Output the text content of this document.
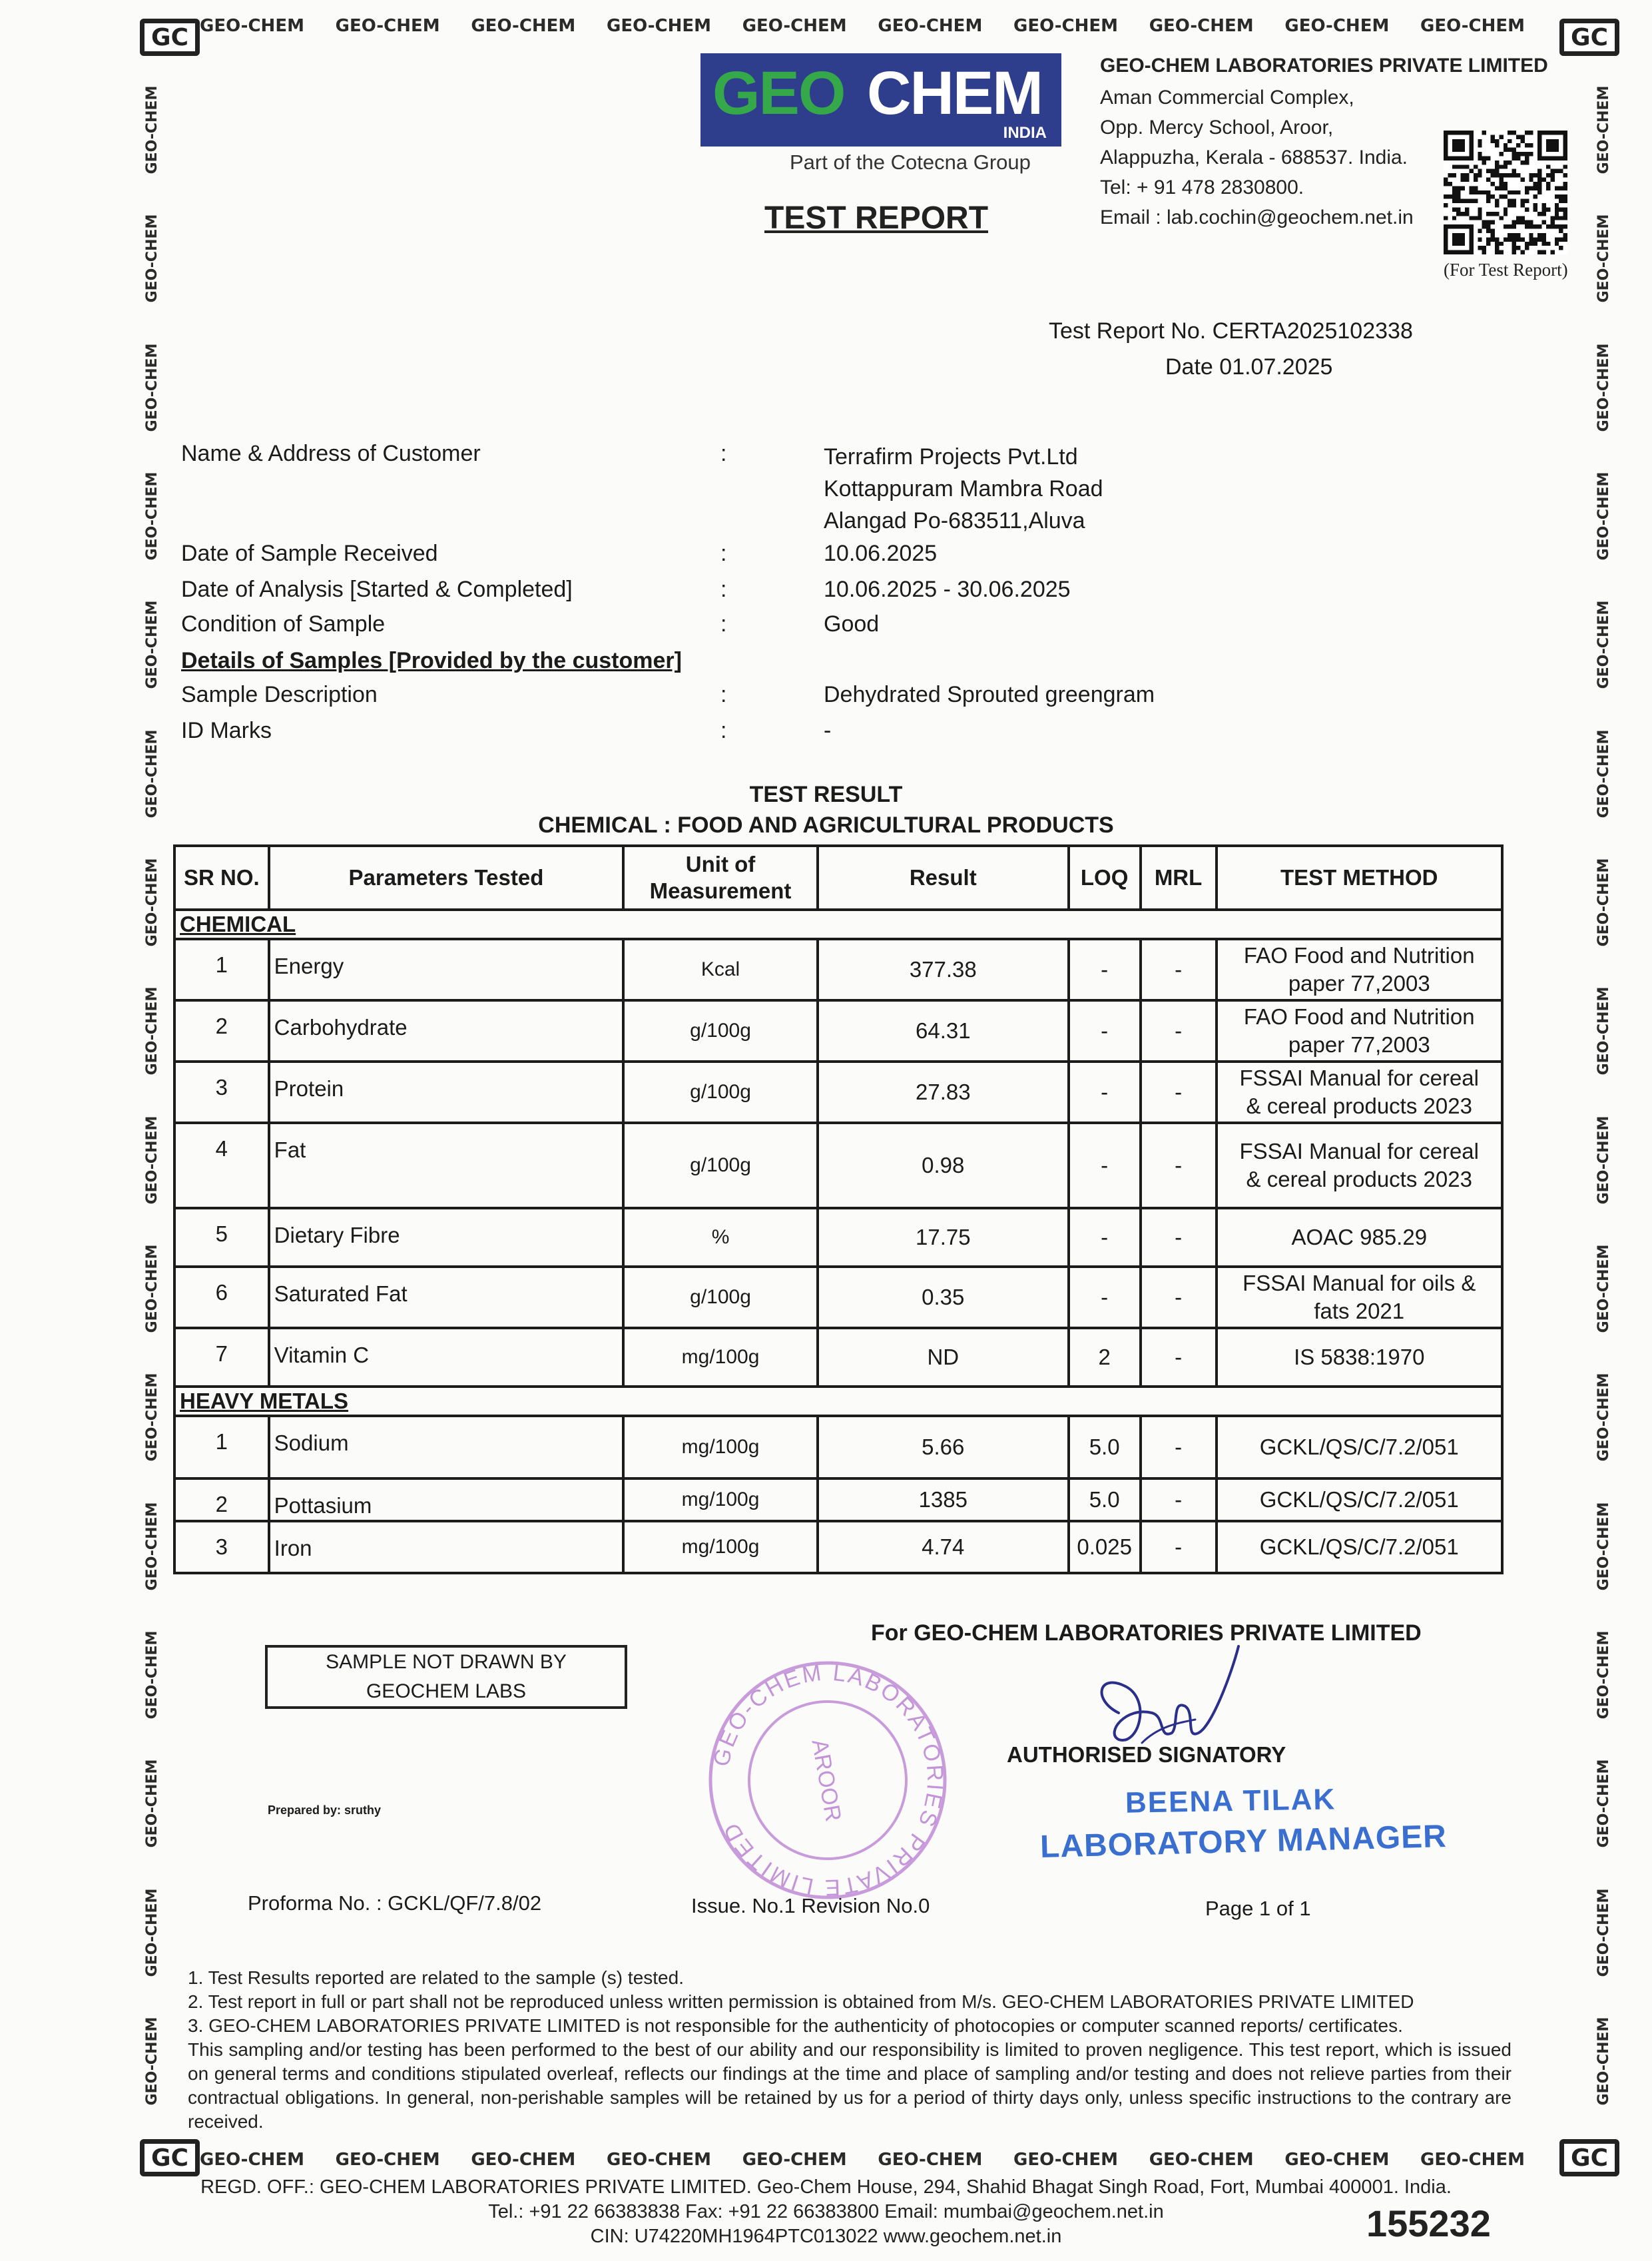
GC	GC
GC	GC
GEO-CHEM GEO-CHEM GEO-CHEM GEO-CHEM GEO-CHEM GEO-CHEM GEO-CHEM GEO-CHEM GEO-CHEM GEO-CHEM
GEO-CHEM GEO-CHEM GEO-CHEM GEO-CHEM GEO-CHEM GEO-CHEM GEO-CHEM GEO-CHEM GEO-CHEM GEO-CHEM
GEO-CHEM
GEO-CHEM
GEO-CHEM
GEO-CHEM
GEO-CHEM
GEO-CHEM
GEO-CHEM
GEO-CHEM
GEO-CHEM
GEO-CHEM
GEO-CHEM
GEO-CHEM
GEO-CHEM
GEO-CHEM
GEO-CHEM
GEO-CHEM
GEO-CHEM
GEO-CHEM
GEO-CHEM
GEO-CHEM
GEO-CHEM
GEO-CHEM
GEO-CHEM
GEO-CHEM
GEO-CHEM
GEO-CHEM
GEO-CHEM
GEO-CHEM
GEO-CHEM
GEO-CHEM
GEO-CHEM
GEO-CHEM
GEO CHEM
INDIA
Part of the Cotecna Group
GEO-CHEM LABORATORIES PRIVATE LIMITED
Aman Commercial Complex,
Opp. Mercy School, Aroor,
Alappuzha, Kerala - 688537. India.
Tel: + 91 478 2830800.
Email : lab.cochin@geochem.net.in
(For Test Report)
TEST REPORT
Test Report No. CERTA2025102338
Date 01.07.2025
Name & Address of Customer	:	Terrafirm Projects Pvt.Ltd
Kottappuram Mambra Road
Alangad Po-683511,Aluva
Date of Sample Received	:	10.06.2025
Date of Analysis [Started & Completed]	:	10.06.2025 - 30.06.2025
Condition of Sample	:	Good
Details of Samples [Provided by the customer]
Sample Description	:	Dehydrated Sprouted greengram
ID Marks	:	-
TEST RESULT
CHEMICAL : FOOD AND AGRICULTURAL PRODUCTS
SR NO.	Parameters Tested	Unit of
Measurement	Result	LOQ	MRL	TEST METHOD
CHEMICAL						
1	Energy	Kcal	377.38	-	-	FAO Food and Nutrition
paper 77,2003

2	Carbohydrate	g/100g	64.31	-	-	FAO Food and Nutrition
paper 77,2003

3	Protein	g/100g	27.83	-	-	FSSAI Manual for cereal
& cereal products 2023

4	Fat	g/100g	0.98	-	-	FSSAI Manual for cereal
& cereal products 2023

5	Dietary Fibre	%	17.75	-	-	AOAC 985.29

6	Saturated Fat	g/100g	0.35	-	-	FSSAI Manual for oils &
fats 2021

7	Vitamin C	mg/100g	ND	2	-	IS 5838:1970

HEAVY METALS						
1	Sodium	mg/100g	5.66	5.0	-	GCKL/QS/C/7.2/051

2	Pottasium	mg/100g	1385	5.0	-	GCKL/QS/C/7.2/051

3	Iron	mg/100g	4.74	0.025	-	GCKL/QS/C/7.2/051
For GEO-CHEM LABORATORIES PRIVATE LIMITED
SAMPLE NOT DRAWN BY
GEOCHEM LABS
GEO-CHEM LABORATORIES PRIVATE LIMITED
AROOR	AUTHORISED SIGNATORY
BEENA TILAK
LABORATORY MANAGER
Prepared by: sruthy
Proforma No. : GCKL/QF/7.8/02	Issue. No.1 Revision No.0	Page 1 of 1

1. Test Results reported are related to the sample (s) tested.

2. Test report in full or part shall not be reproduced unless written permission is obtained from M/s. GEO-CHEM LABORATORIES PRIVATE LIMITED

3. GEO-CHEM LABORATORIES PRIVATE LIMITED is not responsible for the authenticity of photocopies or computer scanned reports/ certificates.

This sampling and/or testing has been performed to the best of our ability and our responsibility is limited to proven negligence. This test report, which is issued on general terms and conditions stipulated overleaf, reflects our findings at the time and place of sampling and/or testing and does not relieve parties from their contractual obligations. In general, non-perishable samples will be retained by us for a period of thirty days only, unless specific instructions to the contrary are received.

REGD. OFF.: GEO-CHEM LABORATORIES PRIVATE LIMITED. Geo-Chem House, 294, Shahid Bhagat Singh Road, Fort, Mumbai 400001. India.
Tel.: +91 22 66383838 Fax: +91 22 66383800 Email: mumbai@geochem.net.in
CIN: U74220MH1964PTC013022 www.geochem.net.in	155232
